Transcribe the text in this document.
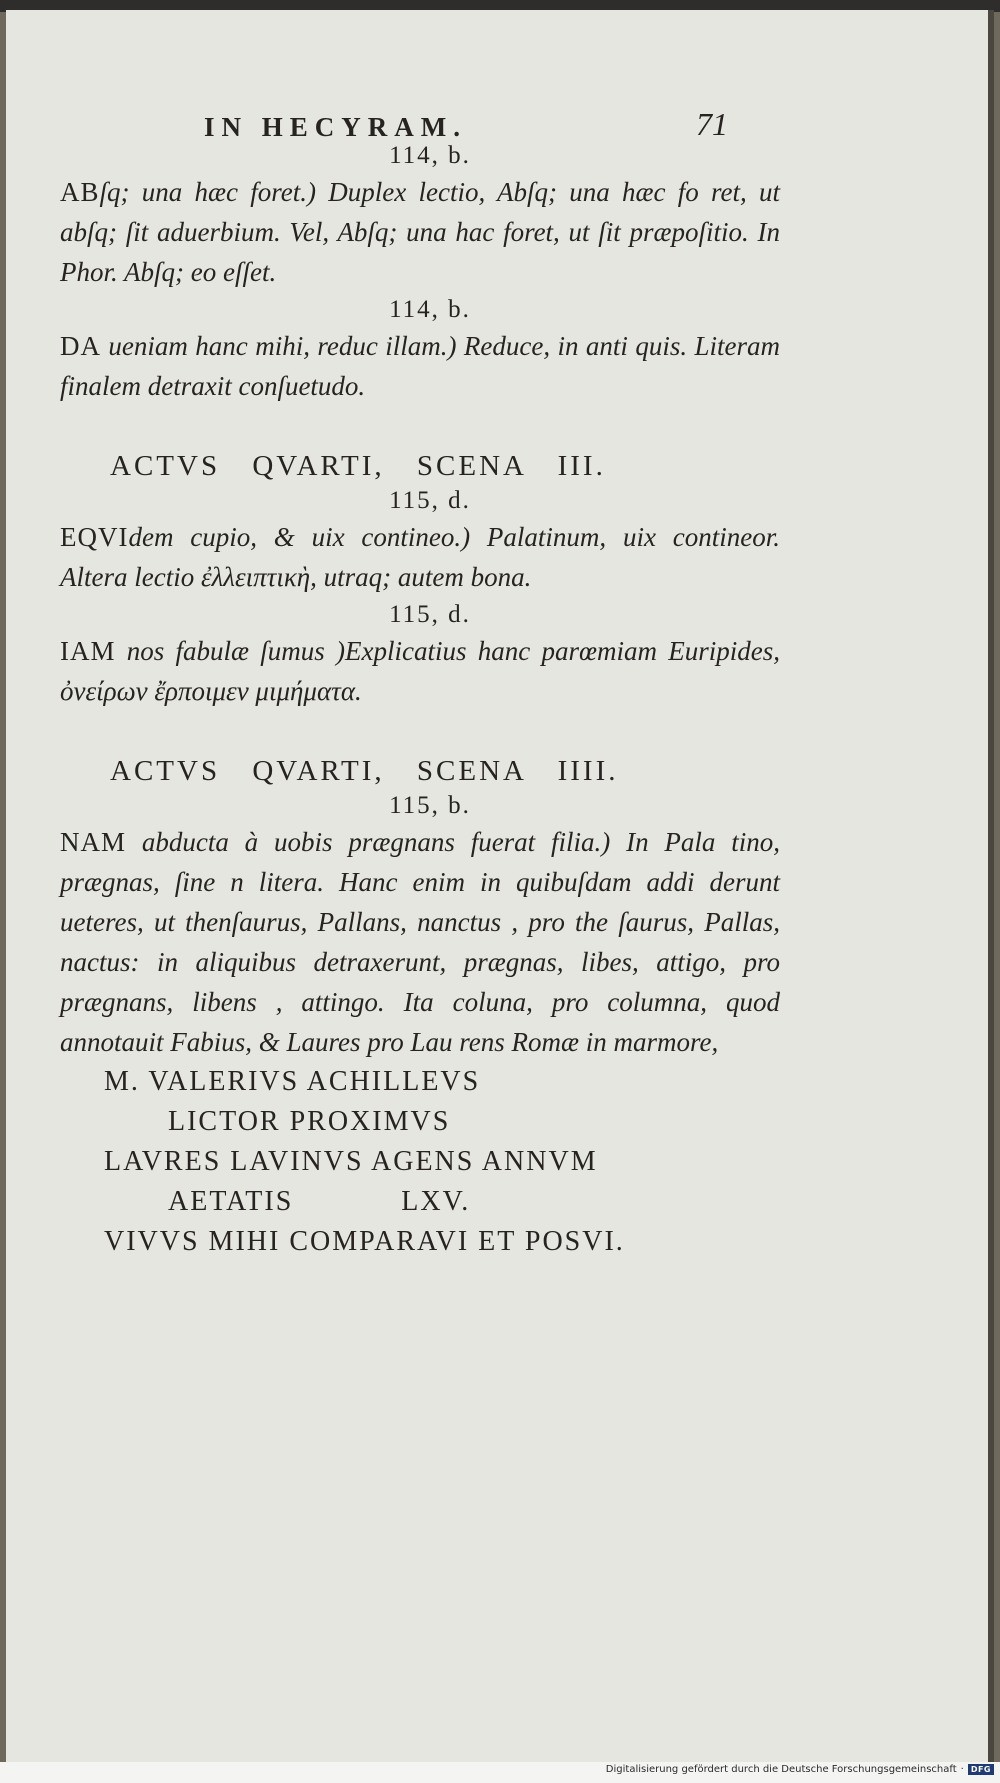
IN HECYRAM.	71
114, b.

ABſq; una hæc foret.) Duplex lectio, Abſq; una hæc fo ret, ut abſq; ſit aduerbium. Vel, Abſq; una hac foret, ut ſit præpoſitio. In Phor. Abſq; eo eſſet.

114, b.

DA ueniam hanc mihi, reduc illam.) Reduce, in anti quis. Literam finalem detraxit conſuetudo.

ACTVS QVARTI, SCENA III.
115, d.

EQVIdem cupio, & uix contineo.) Palatinum, uix contineor. Altera lectio ἐλλειπτικὴ, utraq; autem bona.

115, d.

IAM nos fabulæ ſumus )Explicatius hanc parœmiam Euripides, ὀνείρων ἔρποιμεν μιμήματα.

ACTVS QVARTI, SCENA IIII.
115, b.

NAM abducta à uobis prægnans fuerat filia.) In Pala tino, prægnas, ſine n litera. Hanc enim in quibuſdam addi derunt ueteres, ut thenſaurus, Pallans, nanctus , pro the ſaurus, Pallas, nactus: in aliquibus detraxerunt, prægnas, libes, attigo, pro prægnans, libens , attingo. Ita coluna, pro columna, quod annotauit Fabius, & Laures pro Lau rens Romæ in marmore,

M. VALERIVS ACHILLEVS

LICTOR PROXIMVS

LAVRES LAVINVS AGENS ANNVM

AETATIS            LXV.

VIVVS MIHI COMPARAVI ET POSVI.

Digitalisierung gefördert durch die Deutsche Forschungsgemeinschaft · DFG
